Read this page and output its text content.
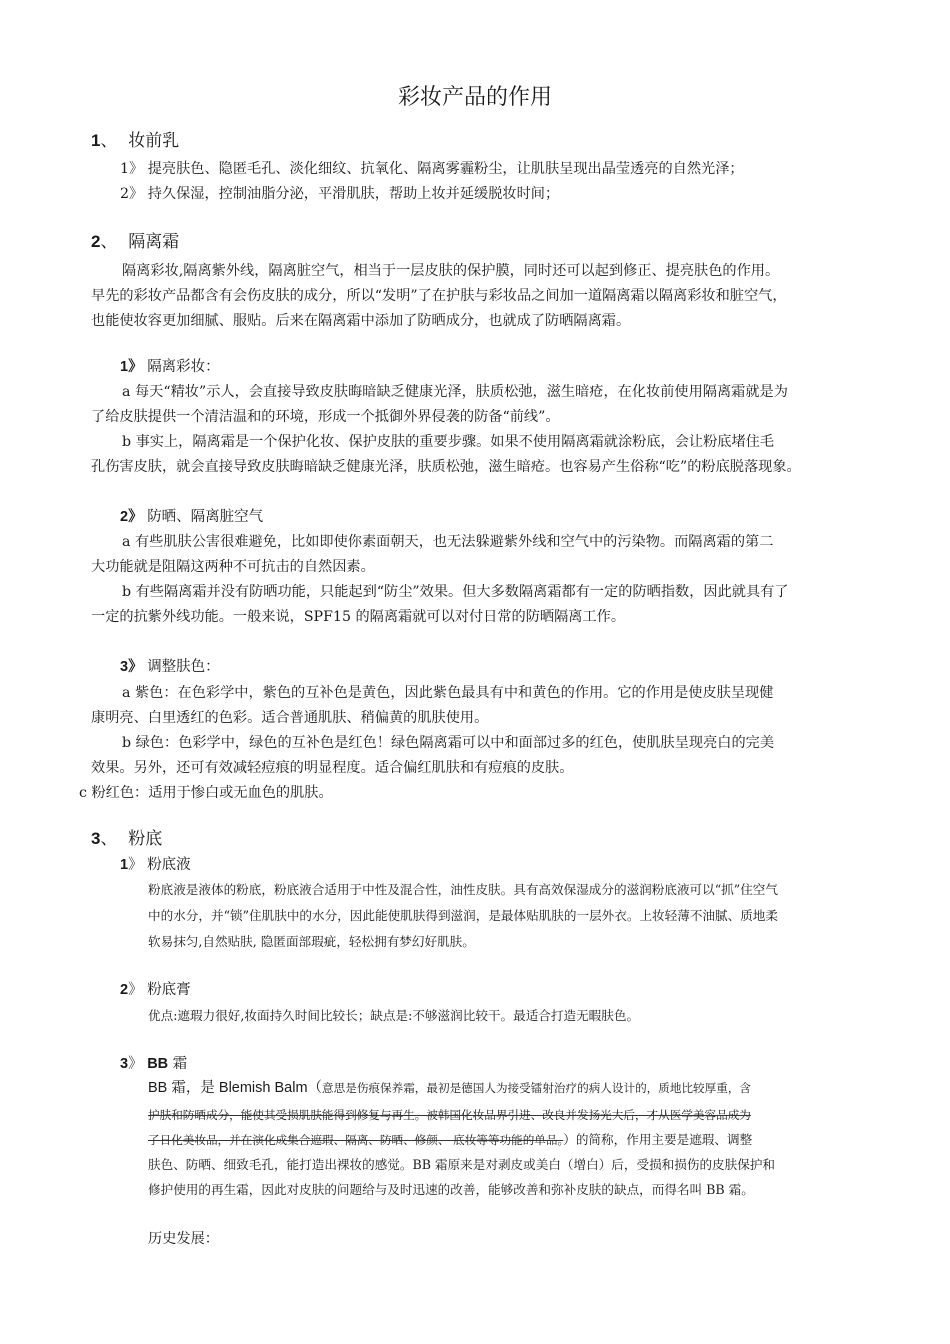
彩妆产品的作用
1、 妆前乳
1》 提亮肤色、隐匿毛孔、淡化细纹、抗氧化、隔离雾霾粉尘，让肌肤呈现出晶莹透亮的自然光泽；
2》 持久保湿，控制油脂分泌，平滑肌肤，帮助上妆并延缓脱妆时间；
2、 隔离霜
隔离彩妆,隔离紫外线，隔离脏空气，相当于一层皮肤的保护膜，同时还可以起到修正、提亮肤色的作用。
早先的彩妆产品都含有会伤皮肤的成分，所以“发明”了在护肤与彩妆品之间加一道隔离霜以隔离彩妆和脏空气，
也能使妆容更加细腻、服贴。后来在隔离霜中添加了防晒成分，也就成了防晒隔离霜。
1》 隔离彩妆：
a 每天“精妆”示人，会直接导致皮肤晦暗缺乏健康光泽，肤质松弛，滋生暗疮，在化妆前使用隔离霜就是为
了给皮肤提供一个清洁温和的环境，形成一个抵御外界侵袭的防备“前线”。
b 事实上，隔离霜是一个保护化妆、保护皮肤的重要步骤。如果不使用隔离霜就涂粉底，会让粉底堵住毛
孔伤害皮肤，就会直接导致皮肤晦暗缺乏健康光泽，肤质松弛，滋生暗疮。也容易产生俗称“吃”的粉底脱落现象。
2》 防晒、隔离脏空气
a 有些肌肤公害很难避免，比如即使你素面朝天，也无法躲避紫外线和空气中的污染物。而隔离霜的第二
大功能就是阻隔这两种不可抗击的自然因素。
b 有些隔离霜并没有防晒功能，只能起到“防尘”效果。但大多数隔离霜都有一定的防晒指数，因此就具有了
一定的抗紫外线功能。一般来说，SPF15 的隔离霜就可以对付日常的防晒隔离工作。
3》 调整肤色：
a 紫色：在色彩学中，紫色的互补色是黄色，因此紫色最具有中和黄色的作用。它的作用是使皮肤呈现健
康明亮、白里透红的色彩。适合普通肌肤、稍偏黄的肌肤使用。
b 绿色：色彩学中，绿色的互补色是红色！绿色隔离霜可以中和面部过多的红色，使肌肤呈现亮白的完美
效果。另外，还可有效减轻痘痕的明显程度。适合偏红肌肤和有痘痕的皮肤。
c 粉红色：适用于惨白或无血色的肌肤。
3、 粉底
1》 粉底液
粉底液是液体的粉底，粉底液合适用于中性及混合性，油性皮肤。具有高效保湿成分的滋润粉底液可以“抓”住空气
中的水分，并“锁”住肌肤中的水分，因此能使肌肤得到滋润，是最体贴肌肤的一层外衣。上妆轻薄不油腻、质地柔
软易抹匀,自然贴肤, 隐匿面部瑕疵，轻松拥有梦幻好肌肤。
2》 粉底膏
优点:遮瑕力很好,妆面持久时间比较长；缺点是:不够滋润比较干。最适合打造无暇肤色。
3》 BB 霜
BB 霜，是 Blemish Balm（意思是伤痕保养霜，最初是德国人为接受镭射治疗的病人设计的，质地比较厚重，含
护肤和防晒成分，能使其受损肌肤能得到修复与再生。被韩国化妆品界引进、改良并发扬光大后，才从医学美容品成为
了日化美妆品，并在演化成集合遮瑕、隔离、防晒、修颜、 底妆等等功能的单品。）的简称，作用主要是遮瑕、调整
肤色、防晒、细致毛孔，能打造出裸妆的感觉。BB 霜原来是对剥皮或美白（增白）后，受损和损伤的皮肤保护和
修护使用的再生霜，因此对皮肤的问题给与及时迅速的改善，能够改善和弥补皮肤的缺点，而得名叫 BB 霜。
历史发展：
